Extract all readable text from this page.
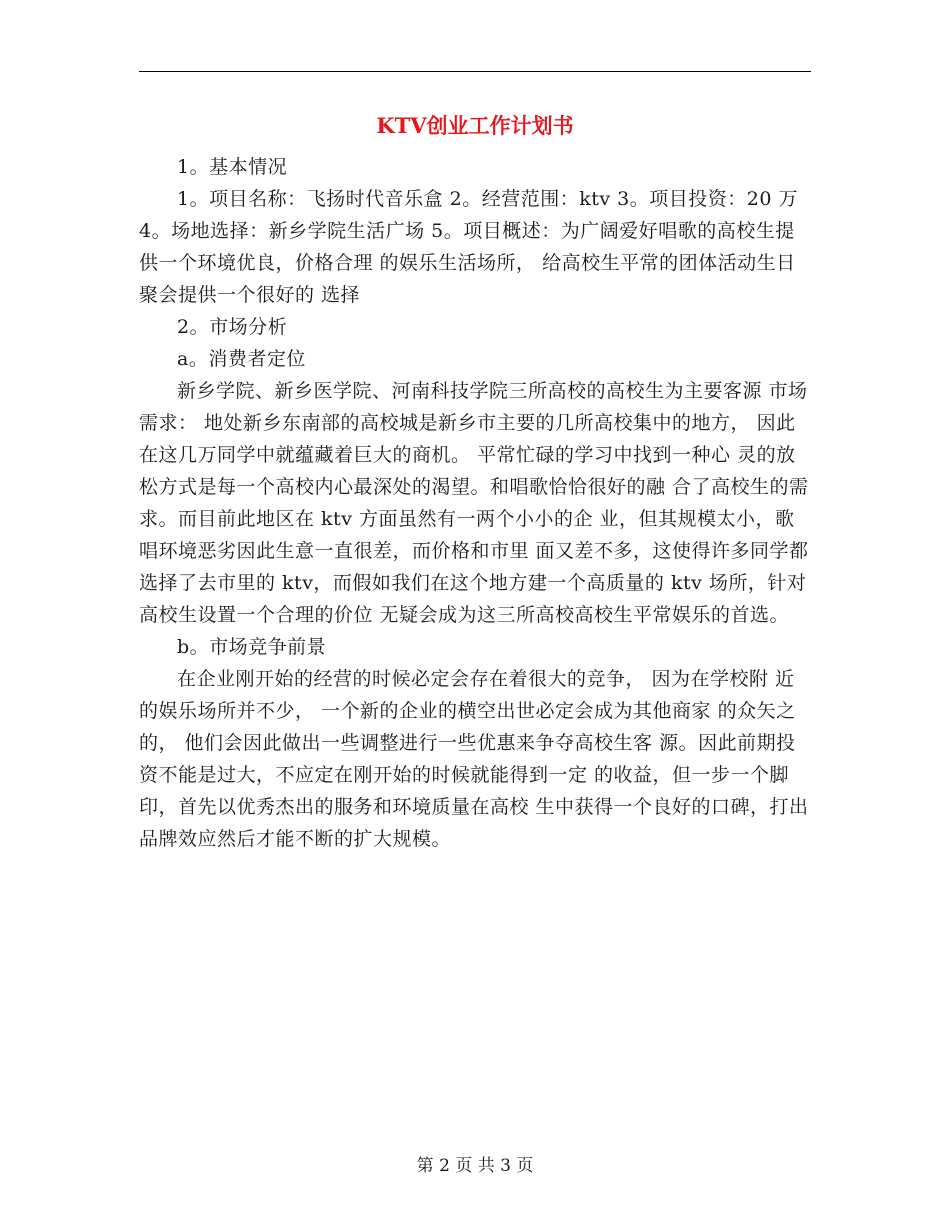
KTV创业工作计划书

1。基本情况

1。项目名称：飞扬时代音乐盒 2。经营范围：ktv 3。项目投资：20 万 4。场地选择：新乡学院生活广场 5。项目概述：为广阔爱好唱歌的高校生提供一个环境优良，价格合理 的娱乐生活场所， 给高校生平常的团体活动生日聚会提供一个很好的 选择

2。市场分析

a。消费者定位

新乡学院、新乡医学院、河南科技学院三所高校的高校生为主要客源 市场需求： 地处新乡东南部的高校城是新乡市主要的几所高校集中的地方， 因此 在这几万同学中就蕴藏着巨大的商机。 平常忙碌的学习中找到一种心 灵的放松方式是每一个高校内心最深处的渴望。和唱歌恰恰很好的融 合了高校生的需求。而目前此地区在 ktv 方面虽然有一两个小小的企 业，但其规模太小，歌唱环境恶劣因此生意一直很差，而价格和市里 面又差不多，这使得许多同学都选择了去市里的 ktv，而假如我们在这个地方建一个高质量的 ktv 场所，针对高校生设置一个合理的价位 无疑会成为这三所高校高校生平常娱乐的首选。

b。市场竞争前景

在企业刚开始的经营的时候必定会存在着很大的竞争， 因为在学校附 近的娱乐场所并不少， 一个新的企业的横空出世必定会成为其他商家 的众矢之的， 他们会因此做出一些调整进行一些优惠来争夺高校生客 源。因此前期投资不能是过大，不应定在刚开始的时候就能得到一定 的收益，但一步一个脚印，首先以优秀杰出的服务和环境质量在高校 生中获得一个良好的口碑，打出品牌效应然后才能不断的扩大规模。

第 2 页 共 3 页
